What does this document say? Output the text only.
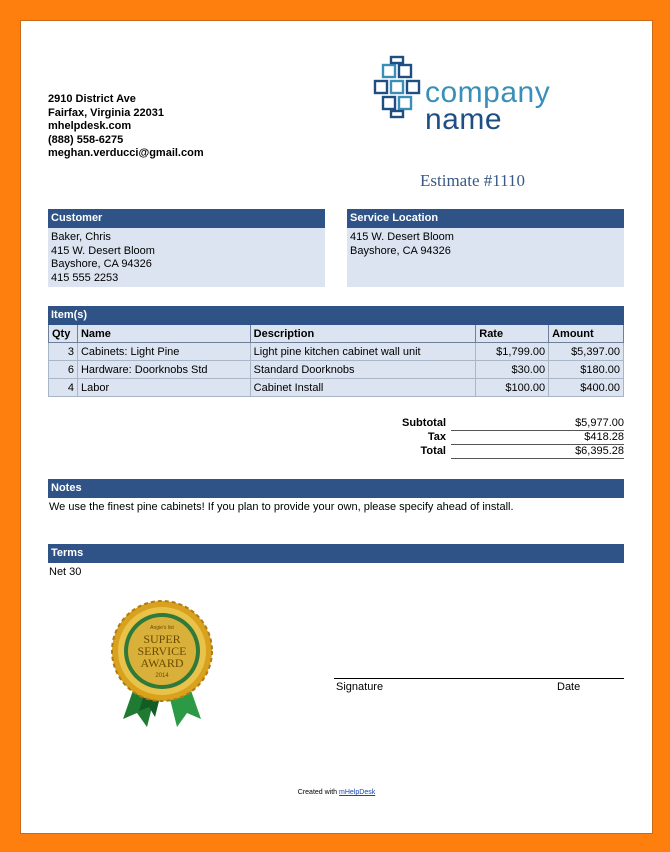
2910 District Ave
Fairfax, Virginia 22031
mhelpdesk.com
(888) 558-6275
meghan.verducci@gmail.com
company
name
Estimate #1110
Customer
Baker, Chris
415 W. Desert Bloom
Bayshore, CA 94326
415 555 2253
Service Location
415 W. Desert Bloom
Bayshore, CA 94326
Item(s)
Qty	Name	Description	Rate	Amount
3	Cabinets: Light Pine	Light pine kitchen cabinet wall unit	$1,799.00	$5,397.00
6	Hardware: Doorknobs Std	Standard Doorknobs	$30.00	$180.00
4	Labor	Cabinet Install	$100.00	$400.00
Subtotal	$5,977.00
Tax	$418.28
Total	$6,395.28
Notes
We use the finest pine cabinets! If you plan to provide your own, please specify ahead of install.
Terms
Net 30
Angie's list
SUPER
SERVICE
AWARD
2014
Signature	Date
Created with mHelpDesk
